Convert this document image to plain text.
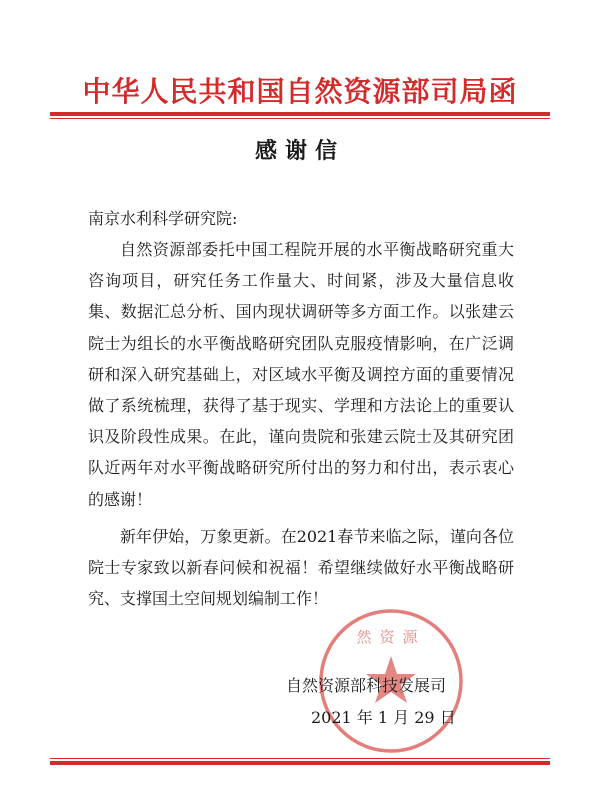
中华人民共和国自然资源部司局函
感谢信
南京水利科学研究院:

自然资源部委托中国工程院开展的水平衡战略研究重大咨询项目，研究任务工作量大、时间紧，涉及大量信息收集、数据汇总分析、国内现状调研等多方面工作。以张建云院士为组长的水平衡战略研究团队克服疫情影响，在广泛调研和深入研究基础上，对区域水平衡及调控方面的重要情况做了系统梳理，获得了基于现实、学理和方法论上的重要认识及阶段性成果。在此，谨向贵院和张建云院士及其研究团队近两年对水平衡战略研究所付出的努力和付出，表示衷心的感谢！

新年伊始，万象更新。在2021春节来临之际，谨向各位院士专家致以新春问候和祝福！希望继续做好水平衡战略研究、支撑国土空间规划编制工作！

然资源
自然资源部科技发展司
2021 年 1 月 29 日
